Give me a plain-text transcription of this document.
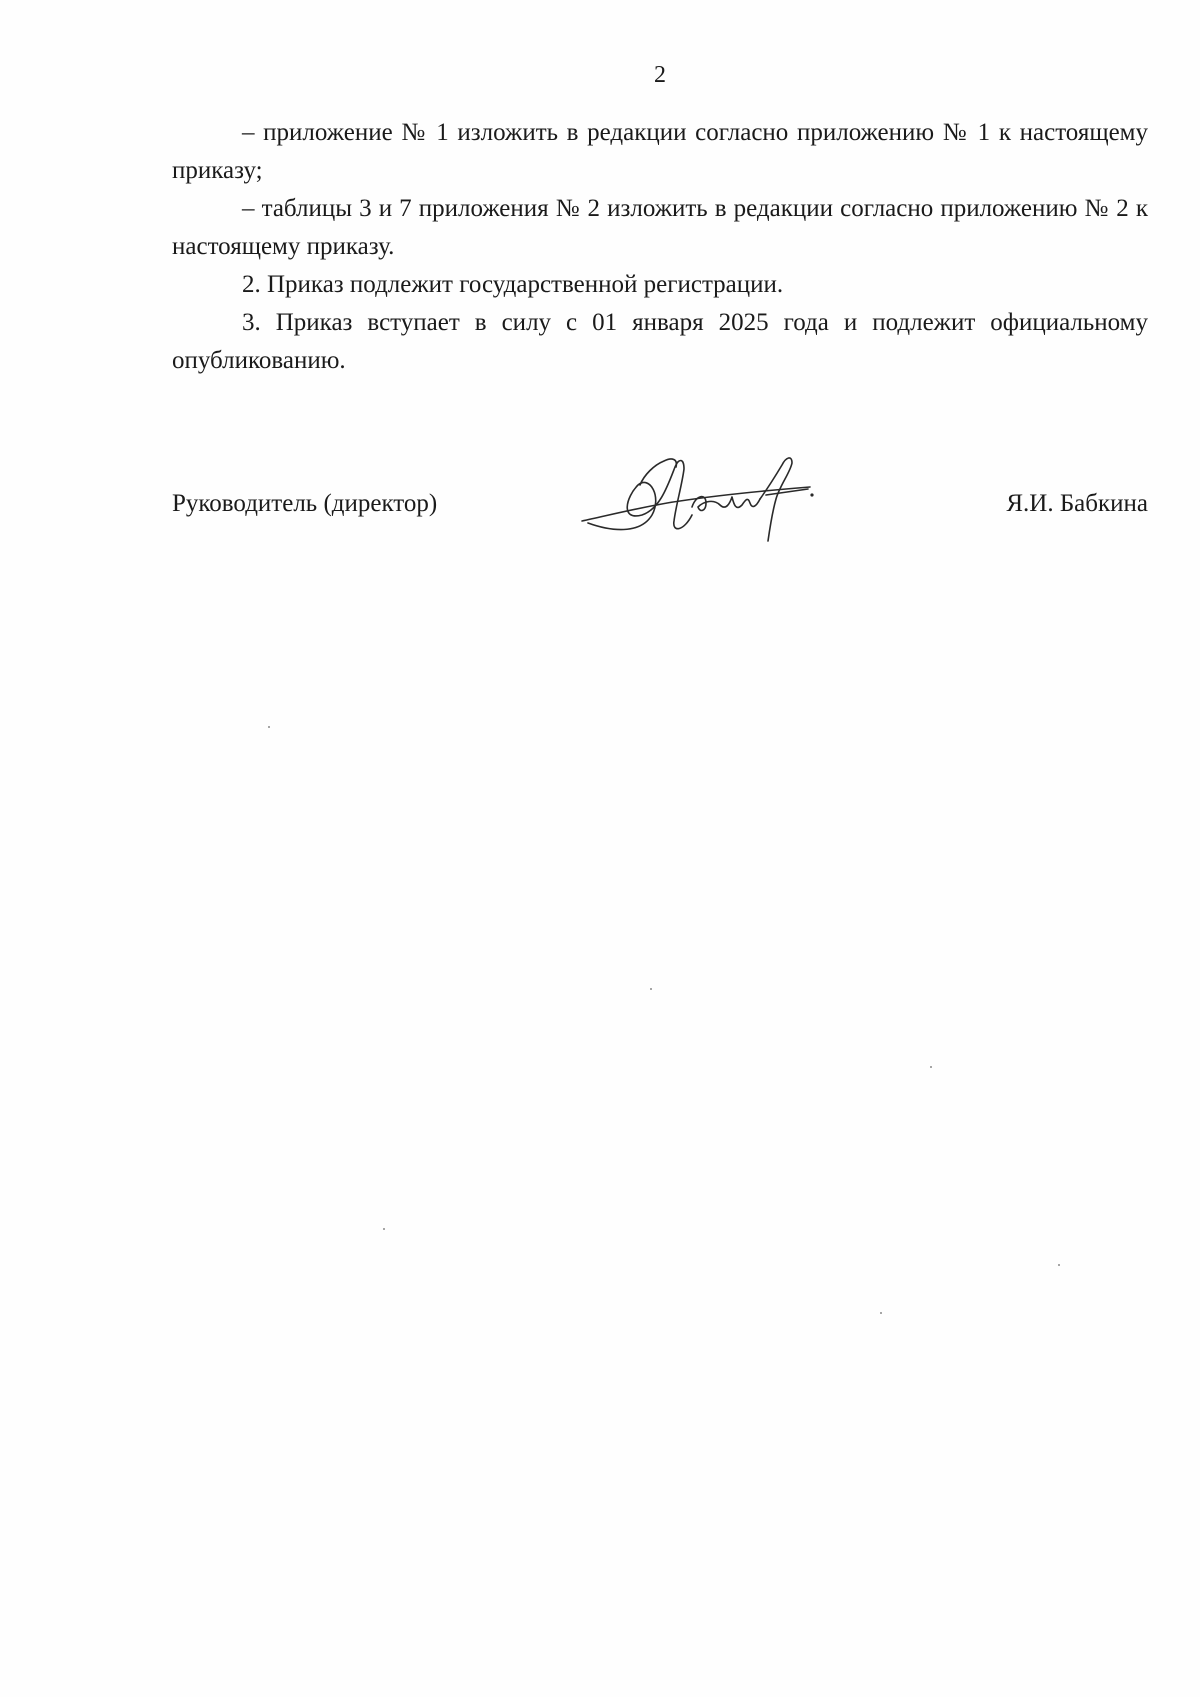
2

– приложение № 1 изложить в редакции согласно приложению № 1 к настоящему приказу;

– таблицы 3 и 7 приложения № 2 изложить в редакции согласно приложению № 2 к настоящему приказу.

2. Приказ подлежит государственной регистрации.

3. Приказ вступает в силу с 01 января 2025 года и подлежит официальному опубликованию.

Руководитель (директор)	Я.И. Бабкина
